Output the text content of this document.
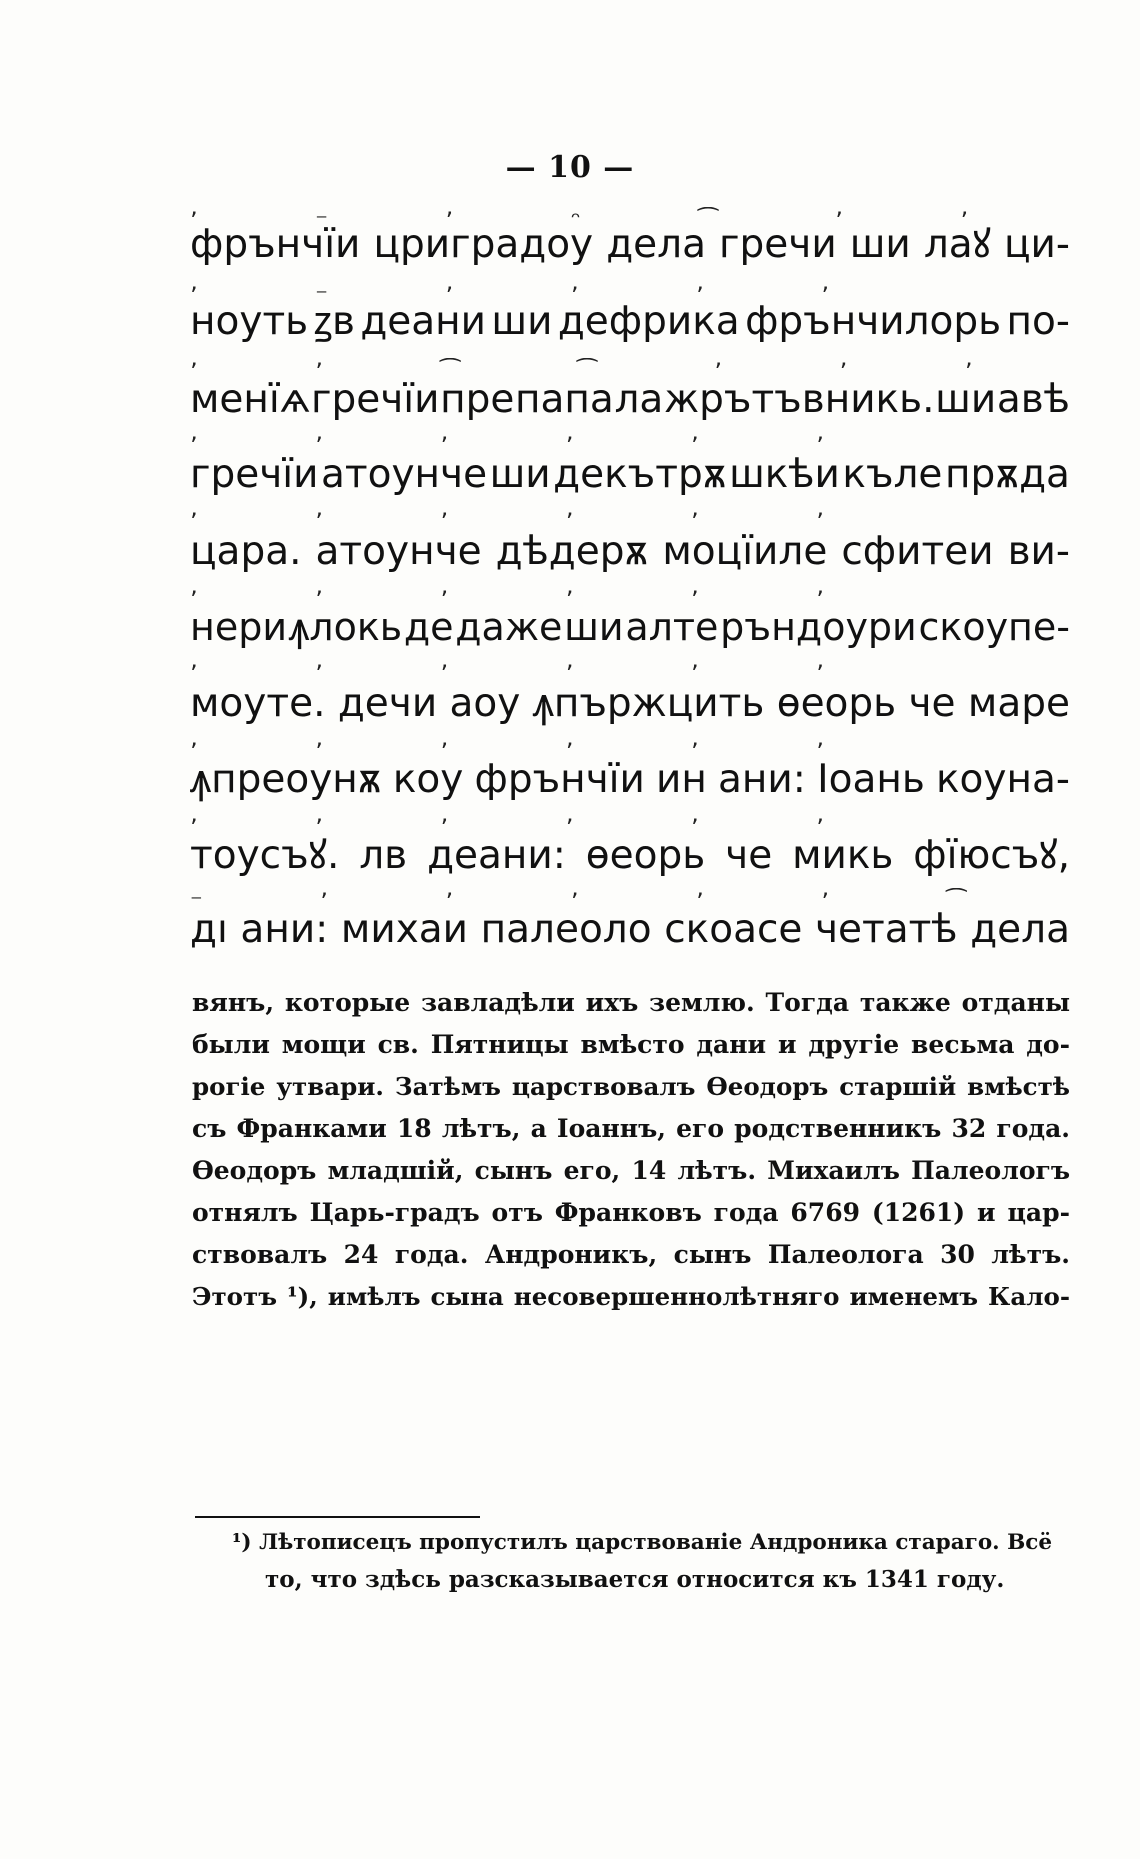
— 10 —
ʼ ⁻ ʼ ᵔ ⁀ ʼ ʼ
фрънчїи цриградоу дела гречи ши лаꙋ ци-
ʼ ⁻ ʼ ʼ ʼ ʼ
ноуть ꙁв деани ши дефрика фрънчилорь по-
ʼ ʼ ⁀ ⁀ ʼ ʼ ʼ
менїѧ гречїи пре папа ла жрътъвникь. ши авѣ
ʼ ʼ ʼ ʼ ʼ ʼ
гречїи атоунче ши декътрѫ шкѣи къле прѫда
ʼ ʼ ʼ ʼ ʼ ʼ
цара. атоунче дѣдерѫ моцїиле сфитеи ви-
ʼ ʼ ʼ ʼ ʼ ʼ
нери ꙟлокь де даже ши алте ръндоури скоупе-
ʼ ʼ ʼ ʼ ʼ ʼ
моуте. дечи аоу ꙟпържцить ѳеорь че маре
ʼ ʼ ʼ ʼ ʼ ʼ
ꙟпреоунѫ коу фрънчїи ин ани: Іоань коуна-
ʼ ʼ ʼ ʼ ʼ ʼ
тоусъꙋ. лв деани: ѳеорь че микь фїюсъꙋ,
⁻ ʼ ʼ ʼ ʼ ʼ ⁀
дı ани: михаи палеоло скоасе четатѣ дела
вянъ, которые завладѣли ихъ землю. Тогда также отданы
были мощи св. Пятницы вмѣсто дани и другіе весьма до-
рогіе утвари. Затѣмъ царствовалъ Ѳеодоръ старшій вмѣстѣ
съ Франками 18 лѣтъ, а Іоаннъ, его родственникъ 32 года.
Ѳеодоръ младшій, сынъ его, 14 лѣтъ. Михаилъ Палеологъ
отнялъ Царь-градъ отъ Франковъ года 6769 (1261) и цар-
ствовалъ 24 года. Андроникъ, сынъ Палеолога 30 лѣтъ.
Этотъ ¹), имѣлъ сына несовершеннолѣтняго именемъ Кало-
¹) Лѣтописецъ пропустилъ царствованіе Андроника стараго. Всё
то, что здѣсь разсказывается относится къ 1341 году.
